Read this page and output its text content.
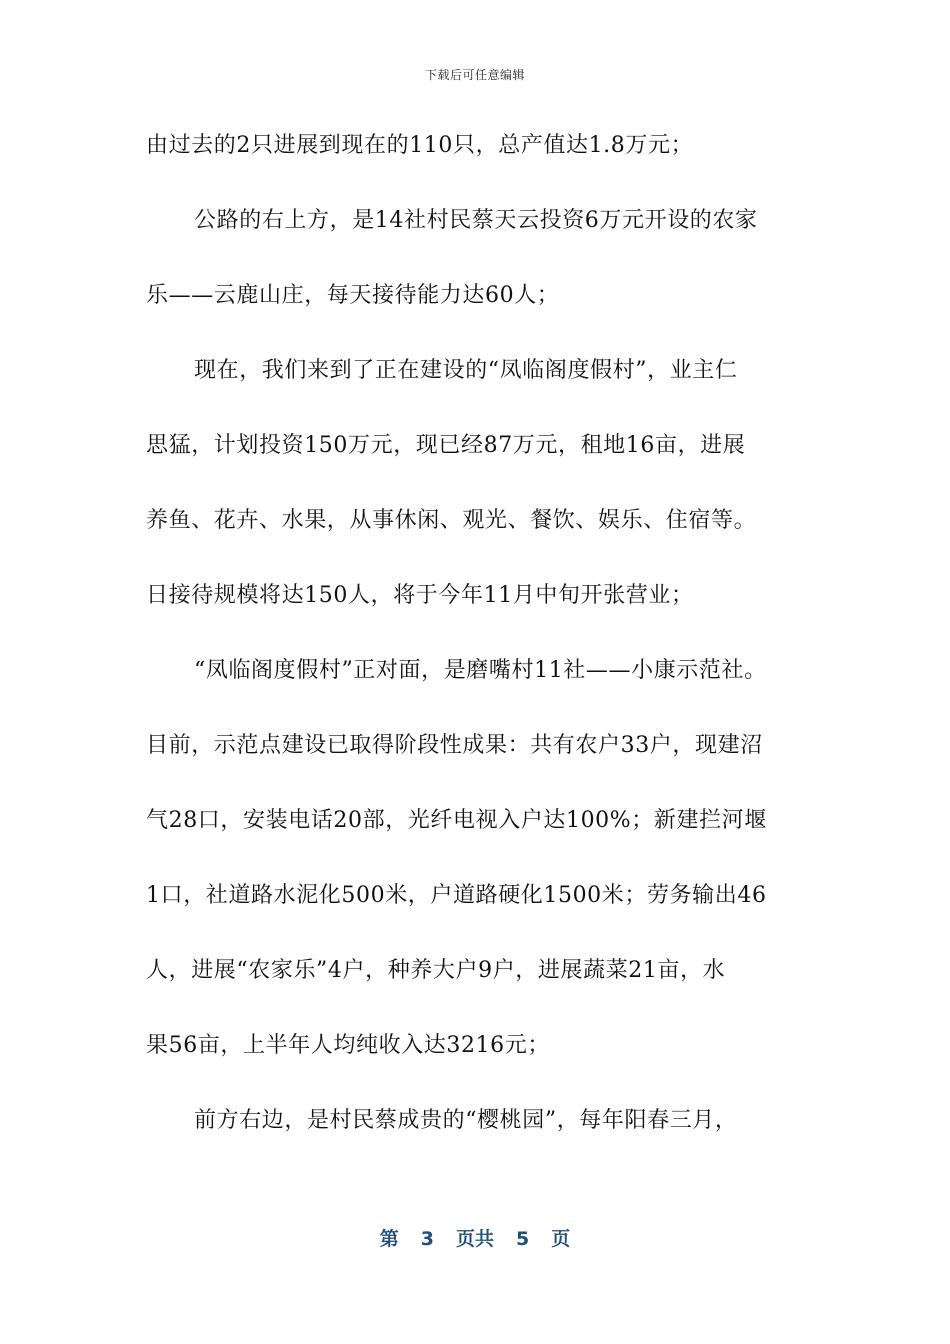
下载后可任意编辑
由过去的2只进展到现在的110只，总产值达1.8万元；
公路的右上方，是14社村民蔡天云投资6万元开设的农家
乐——云鹿山庄，每天接待能力达60人；
现在，我们来到了正在建设的“凤临阁度假村”，业主仁
思猛，计划投资150万元，现已经87万元，租地16亩，进展
养鱼、花卉、水果，从事休闲、观光、餐饮、娱乐、住宿等。
日接待规模将达150人，将于今年11月中旬开张营业；
“凤临阁度假村”正对面，是磨嘴村11社——小康示范社。
目前，示范点建设已取得阶段性成果：共有农户33户，现建沼
气28口，安装电话20部，光纤电视入户达100%；新建拦河堰
1口，社道路水泥化500米，户道路硬化1500米；劳务输出46
人，进展“农家乐”4户，种养大户9户，进展蔬菜21亩，水
果56亩，上半年人均纯收入达3216元；
前方右边，是村民蔡成贵的“樱桃园”，每年阳春三月，
第 3 页共 5 页
